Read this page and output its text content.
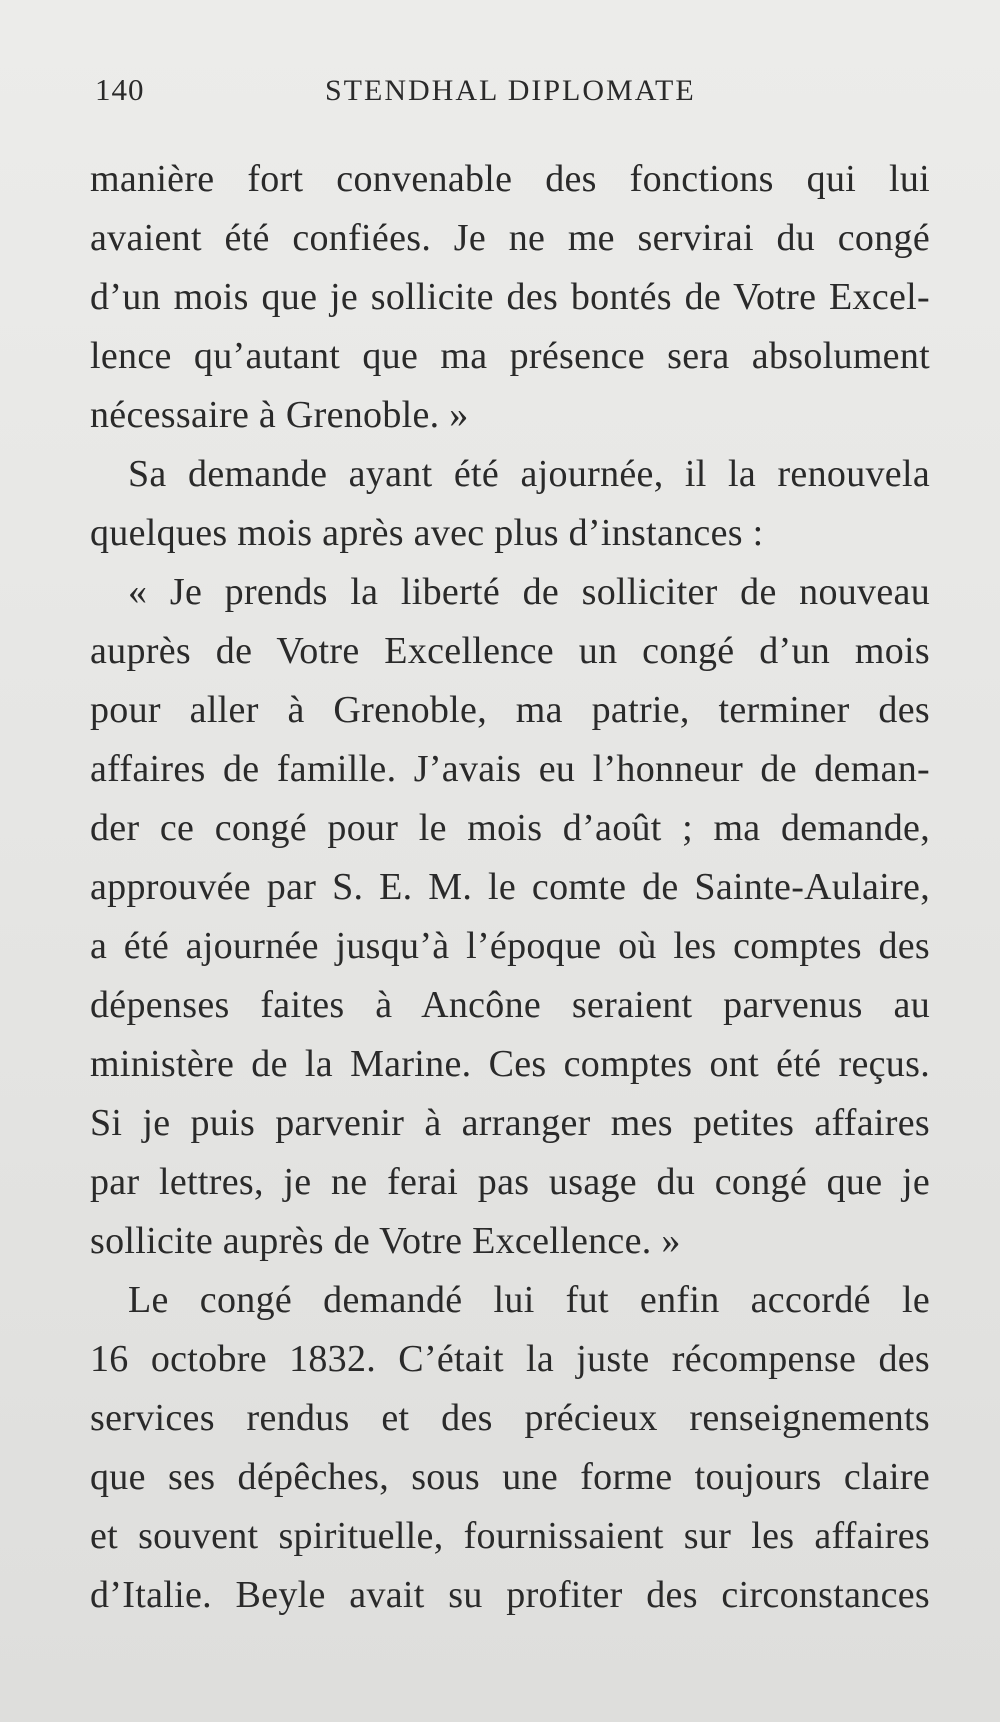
140	STENDHAL DIPLOMATE
manière fort convenable des fonctions qui lui
avaient été confiées. Je ne me servirai du congé
d’un mois que je sollicite des bontés de Votre Excel-
lence qu’autant que ma présence sera absolument
nécessaire à Grenoble. »
Sa demande ayant été ajournée, il la renouvela
quelques mois après avec plus d’instances :
« Je prends la liberté de solliciter de nouveau
auprès de Votre Excellence un congé d’un mois
pour aller à Grenoble, ma patrie, terminer des
affaires de famille. J’avais eu l’honneur de deman-
der ce congé pour le mois d’août ; ma demande,
approuvée par S. E. M. le comte de Sainte-Aulaire,
a été ajournée jusqu’à l’époque où les comptes des
dépenses faites à Ancône seraient parvenus au
ministère de la Marine. Ces comptes ont été reçus.
Si je puis parvenir à arranger mes petites affaires
par lettres, je ne ferai pas usage du congé que je
sollicite auprès de Votre Excellence. »
Le congé demandé lui fut enfin accordé le
16 octobre 1832. C’était la juste récompense des
services rendus et des précieux renseignements
que ses dépêches, sous une forme toujours claire
et souvent spirituelle, fournissaient sur les affaires
d’Italie. Beyle avait su profiter des circonstances
